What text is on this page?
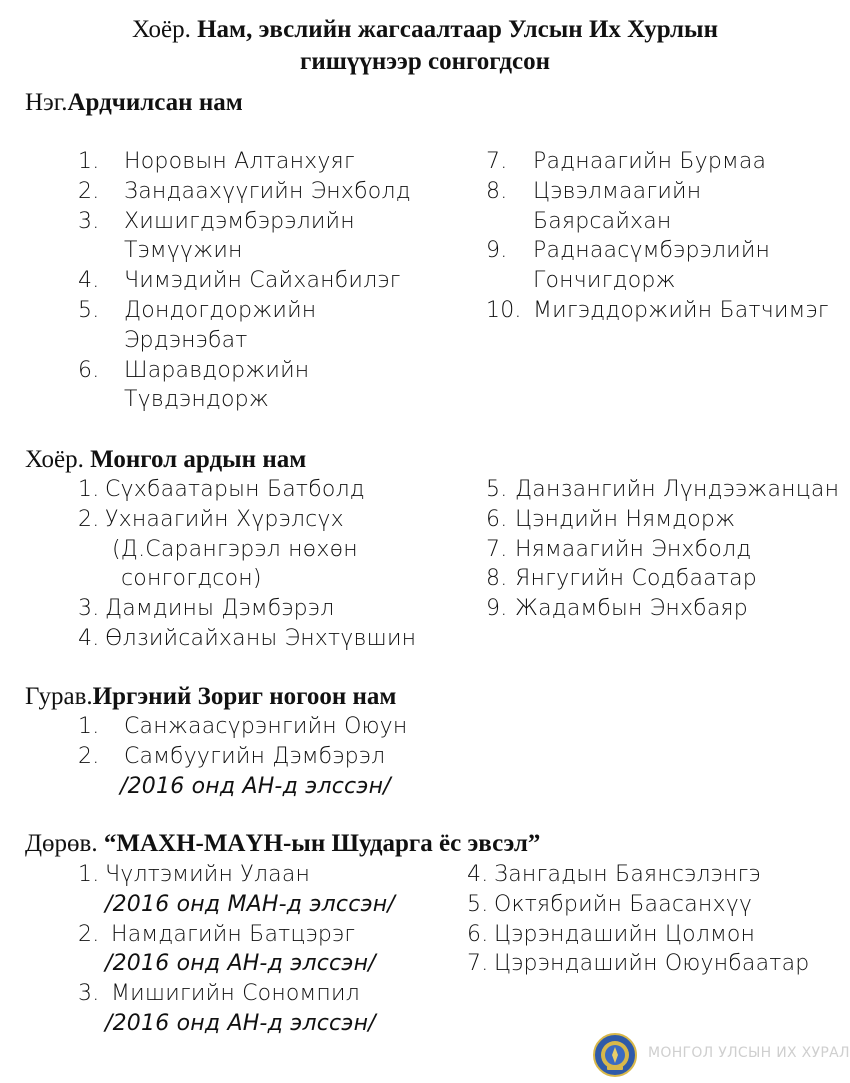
Хоёр. Нам, эвслийн жагсаалтаар Улсын Их Хурлын
гишүүнээр сонгогдсон
Нэг.Ардчилсан нам
1. Норовын Алтанхуяг
2. Зандаахүүгийн Энхболд
3. Хишигдэмбэрэлийн
Тэмүүжин
4. Чимэдийн Сайханбилэг
5. Дондогдоржийн
Эрдэнэбат
6. Шаравдоржийн
Түвдэндорж
7. Раднаагийн Бурмаа
8. Цэвэлмаагийн
Баярсайхан
9. Раднаасүмбэрэлийн
Гончигдорж
10. Мигэддоржийн Батчимэг
Хоёр. Монгол ардын нам
1. Сүхбаатарын Батболд
2. Ухнаагийн Хүрэлсүх
(Д.Сарангэрэл нөхөн
сонгогдсон)
3. Дамдины Дэмбэрэл
4. Өлзийсайханы Энхтүвшин
5. Данзангийн Лүндээжанцан
6. Цэндийн Нямдорж
7. Нямаагийн Энхболд
8. Янгугийн Содбаатар
9. Жадамбын Энхбаяр
Гурав.Иргэний Зориг ногоон нам
1. Санжаасүрэнгийн Оюун
2. Самбуугийн Дэмбэрэл
/2016 онд АН-д элссэн/
Дөрөв. “МАХН-МАҮН-ын Шударга ёс эвсэл”
1. Чүлтэмийн Улаан
/2016 онд МАН-д элссэн/
2. Намдагийн Батцэрэг
/2016 онд АН-д элссэн/
3. Мишигийн Сономпил
/2016 онд АН-д элссэн/
4. Зангадын Баянсэлэнгэ
5. Октябрийн Баасанхүү
6. Цэрэндашийн Цолмон
7. Цэрэндашийн Оюунбаатар
МОНГОЛ УЛСЫН ИХ ХУРАЛ
